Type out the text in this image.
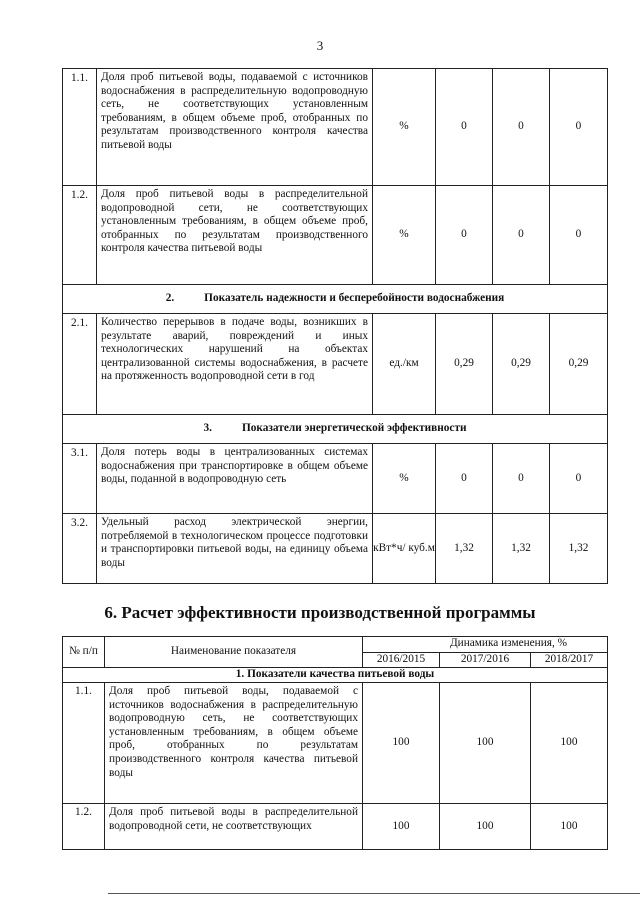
3
1.1.	Доля проб питьевой воды, подаваемой с источников водоснабжения в распределительную водопроводную сеть, не соответствующих установленным требованиям, в общем объеме проб, отобранных по результатам производственного контроля качества питьевой воды	%	0	0	0
1.2.	Доля проб питьевой воды в распределительной водопроводной сети, не соответствующих установленным требованиям, в общем объеме проб, отобранных по результатам производственного контроля качества питьевой воды	%	0	0	0
2. Показатель надежности и бесперебойности водоснабжения					
2.1.	Количество перерывов в подаче воды, возникших в результате аварий, повреждений и иных технологических нарушений на объектах централизованной системы водоснабжения, в расчете на протяженность водопроводной сети в год	ед./км	0,29	0,29	0,29
3. Показатели энергетической эффективности					
3.1.	Доля потерь воды в централизованных системах водоснабжения при транспортировке в общем объеме воды, поданной в водопроводную сеть	%	0	0	0
3.2.	Удельный расход электрической энергии, потребляемой в технологическом процессе подготовки и транспортировки питьевой воды, на единицу объема воды	кВт*ч/ куб.м	1,32	1,32	1,32
6. Расчет эффективности производственной программы
№ п/п	Наименование показателя	Динамика изменения, %		
		2016/2015	2017/2016	2018/2017
1. Показатели качества питьевой воды				
1.1.	Доля проб питьевой воды, подаваемой с источников водоснабжения в распределительную водопроводную сеть, не соответствующих установленным требованиям, в общем объеме проб, отобранных по результатам производственного контроля качества питьевой воды	100	100	100
1.2.	Доля проб питьевой воды в распределительной водопроводной сети, не соответствующих	100	100	100
